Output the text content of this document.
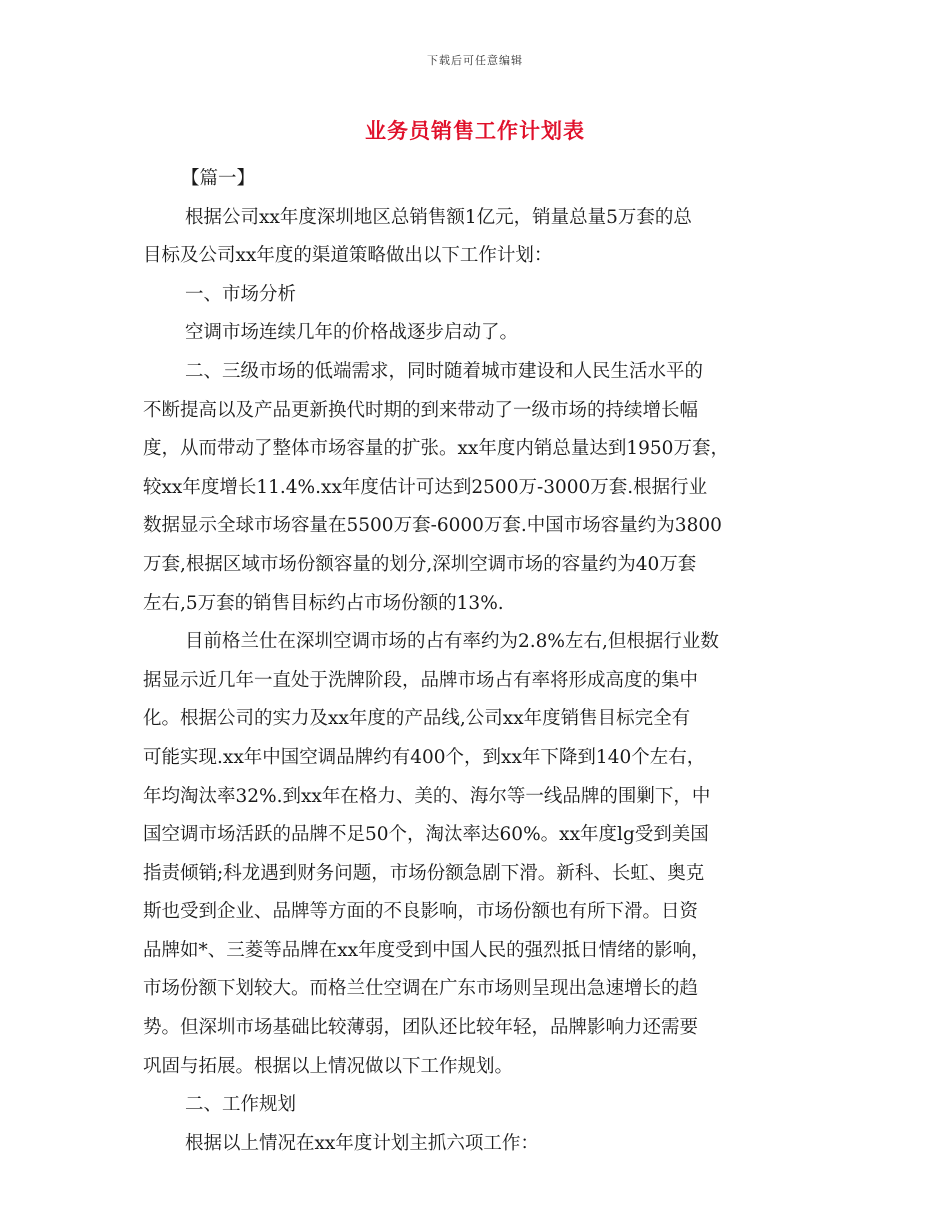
下载后可任意编辑
业务员销售工作计划表
【篇一】
根据公司xx年度深圳地区总销售额1亿元，销量总量5万套的总
目标及公司xx年度的渠道策略做出以下工作计划：
一、市场分析
空调市场连续几年的价格战逐步启动了。
二、三级市场的低端需求，同时随着城市建设和人民生活水平的
不断提高以及产品更新换代时期的到来带动了一级市场的持续增长幅
度，从而带动了整体市场容量的扩张。xx年度内销总量达到1950万套，
较xx年度增长11.4%.xx年度估计可达到2500万-3000万套.根据行业
数据显示全球市场容量在5500万套-6000万套.中国市场容量约为3800
万套,根据区域市场份额容量的划分,深圳空调市场的容量约为40万套
左右,5万套的销售目标约占市场份额的13%.
目前格兰仕在深圳空调市场的占有率约为2.8%左右,但根据行业数
据显示近几年一直处于洗牌阶段，品牌市场占有率将形成高度的集中
化。根据公司的实力及xx年度的产品线,公司xx年度销售目标完全有
可能实现.xx年中国空调品牌约有400个，到xx年下降到140个左右，
年均淘汰率32%.到xx年在格力、美的、海尔等一线品牌的围剿下，中
国空调市场活跃的品牌不足50个，淘汰率达60%。xx年度lg受到美国
指责倾销;科龙遇到财务问题，市场份额急剧下滑。新科、长虹、奥克
斯也受到企业、品牌等方面的不良影响，市场份额也有所下滑。日资
品牌如*、三菱等品牌在xx年度受到中国人民的强烈抵日情绪的影响，
市场份额下划较大。而格兰仕空调在广东市场则呈现出急速增长的趋
势。但深圳市场基础比较薄弱，团队还比较年轻，品牌影响力还需要
巩固与拓展。根据以上情况做以下工作规划。
二、工作规划
根据以上情况在xx年度计划主抓六项工作：
